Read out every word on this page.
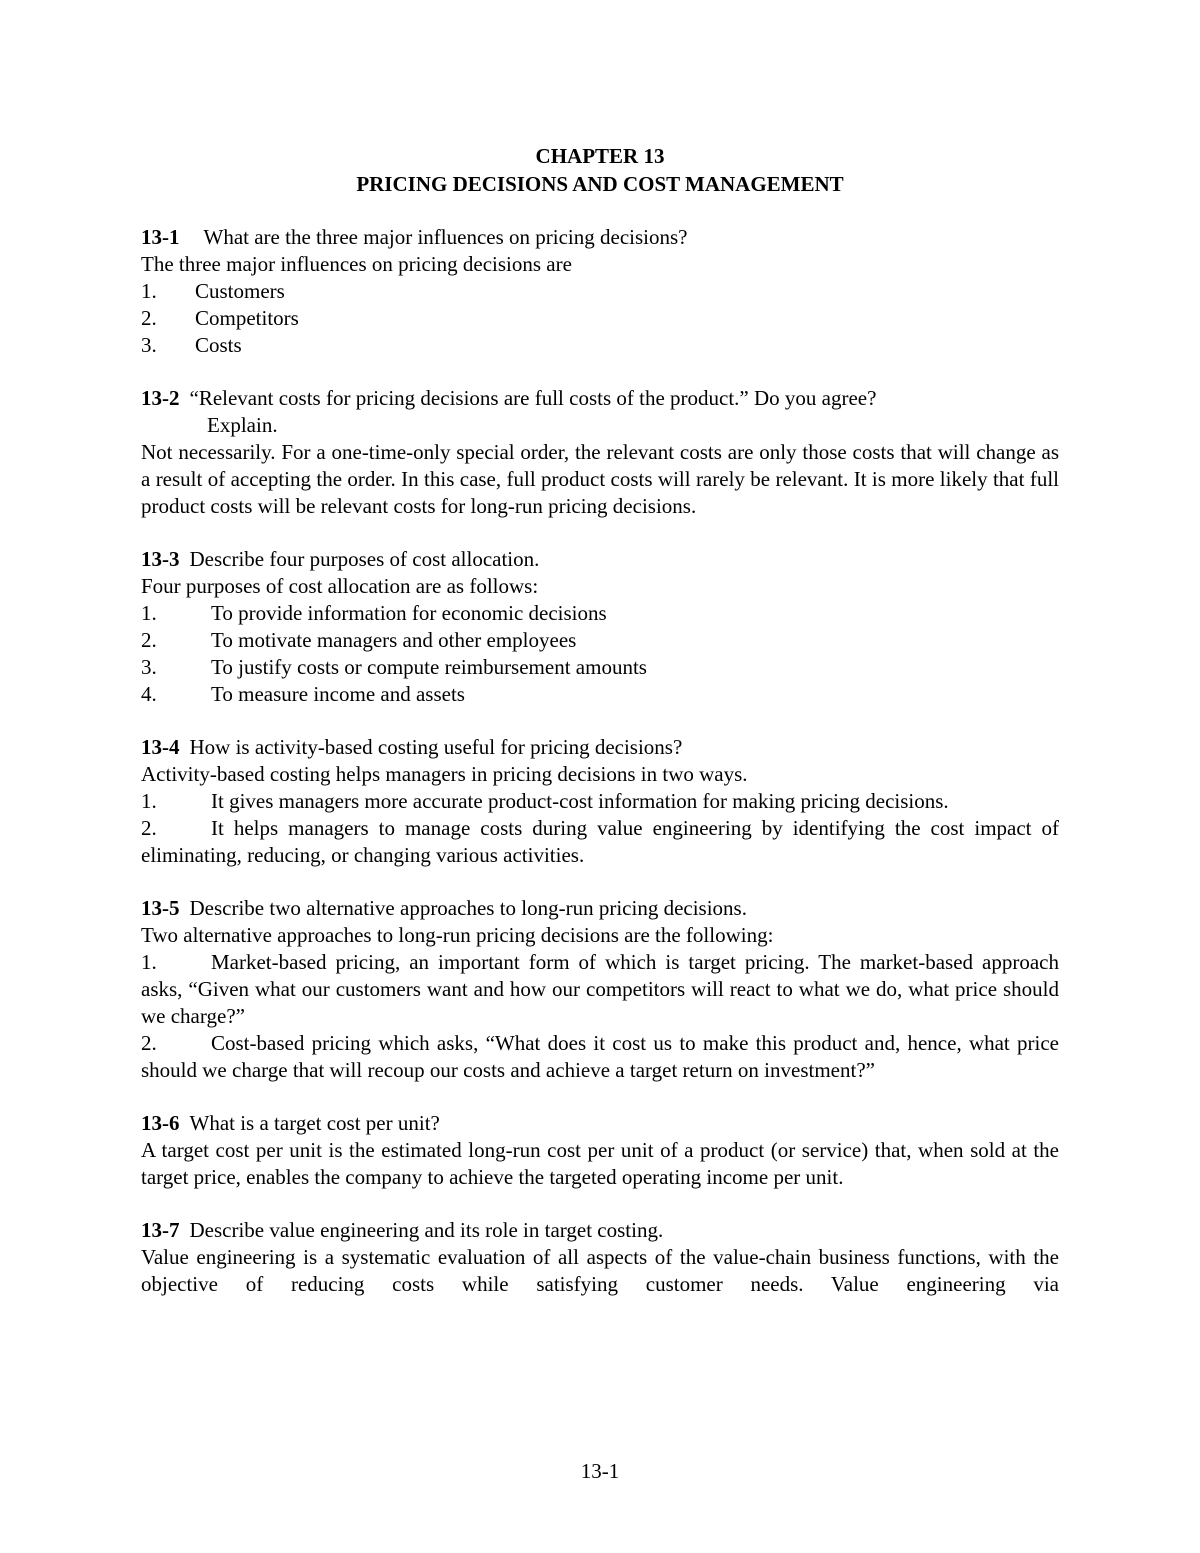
CHAPTER 13
PRICING DECISIONS AND COST MANAGEMENT
13-1	What are the three major influences on pricing decisions?
The three major influences on pricing decisions are
1.	Customers
2.	Competitors
3.	Costs
13-2 “Relevant costs for pricing decisions are full costs of the product.” Do you agree?
Explain.
Not necessarily. For a one-time-only special order, the relevant costs are only those costs that will change as a result of accepting the order. In this case, full product costs will rarely be relevant. It is more likely that full product costs will be relevant costs for long-run pricing decisions.
13-3 Describe four purposes of cost allocation.
Four purposes of cost allocation are as follows:
1.	To provide information for economic decisions
2.	To motivate managers and other employees
3.	To justify costs or compute reimbursement amounts
4.	To measure income and assets
13-4 How is activity-based costing useful for pricing decisions?
Activity-based costing helps managers in pricing decisions in two ways.
1.	It gives managers more accurate product-cost information for making pricing decisions.
2.	It helps managers to manage costs during value engineering by identifying the cost impact of eliminating, reducing, or changing various activities.
13-5 Describe two alternative approaches to long-run pricing decisions.
Two alternative approaches to long-run pricing decisions are the following:
1.	Market-based pricing, an important form of which is target pricing. The market-based approach asks, “Given what our customers want and how our competitors will react to what we do, what price should we charge?”
2.	Cost-based pricing which asks, “What does it cost us to make this product and, hence, what price should we charge that will recoup our costs and achieve a target return on investment?”
13-6 What is a target cost per unit?
A target cost per unit is the estimated long-run cost per unit of a product (or service) that, when sold at the target price, enables the company to achieve the targeted operating income per unit.
13-7 Describe value engineering and its role in target costing.
Value engineering is a systematic evaluation of all aspects of the value-chain business functions, with the objective of reducing costs while satisfying customer needs. Value engineering via
13-1
